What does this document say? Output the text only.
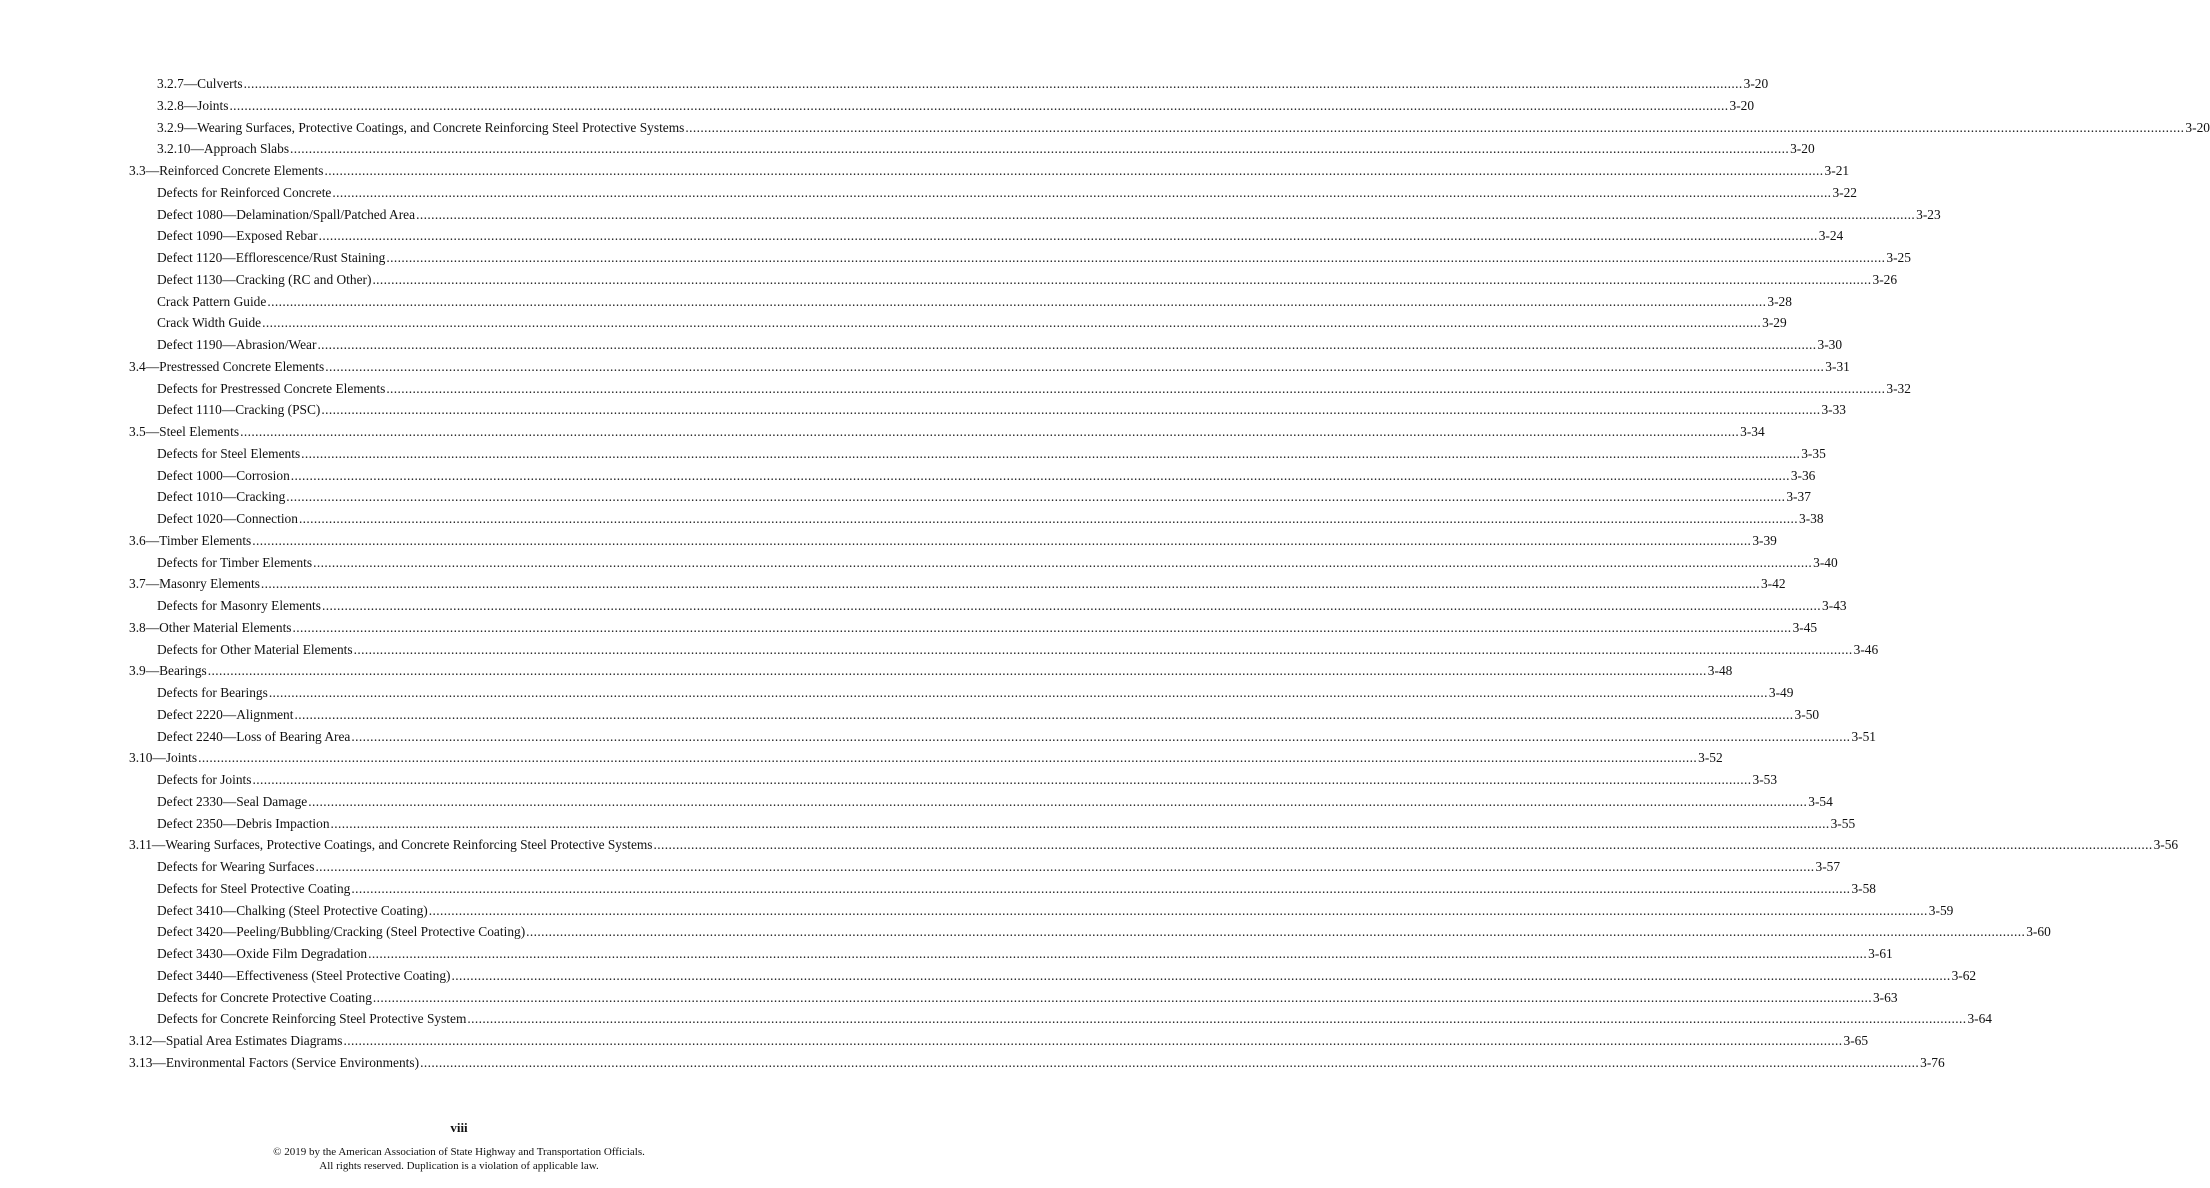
3.2.7—Culverts ................................................................................................................................................................................................................................................................................................................................................................................................................ 3-20
3.2.8—Joints ................................................................................................................................................................................................................................................................................................................................................................................................................ 3-20
3.2.9—Wearing Surfaces, Protective Coatings, and Concrete Reinforcing Steel Protective Systems ................................................................................................................................................................................................................................................................................................................................................................................................................ 3-20
3.2.10—Approach Slabs ................................................................................................................................................................................................................................................................................................................................................................................................................ 3-20
3.3—Reinforced Concrete Elements ................................................................................................................................................................................................................................................................................................................................................................................................................ 3-21
Defects for Reinforced Concrete ................................................................................................................................................................................................................................................................................................................................................................................................................ 3-22
Defect 1080—Delamination/Spall/Patched Area ................................................................................................................................................................................................................................................................................................................................................................................................................ 3-23
Defect 1090—Exposed Rebar ................................................................................................................................................................................................................................................................................................................................................................................................................ 3-24
Defect 1120—Efflorescence/Rust Staining ................................................................................................................................................................................................................................................................................................................................................................................................................ 3-25
Defect 1130—Cracking (RC and Other) ................................................................................................................................................................................................................................................................................................................................................................................................................ 3-26
Crack Pattern Guide ................................................................................................................................................................................................................................................................................................................................................................................................................ 3-28
Crack Width Guide ................................................................................................................................................................................................................................................................................................................................................................................................................ 3-29
Defect 1190—Abrasion/Wear ................................................................................................................................................................................................................................................................................................................................................................................................................ 3-30
3.4—Prestressed Concrete Elements ................................................................................................................................................................................................................................................................................................................................................................................................................ 3-31
Defects for Prestressed Concrete Elements ................................................................................................................................................................................................................................................................................................................................................................................................................ 3-32
Defect 1110—Cracking (PSC) ................................................................................................................................................................................................................................................................................................................................................................................................................ 3-33
3.5—Steel Elements ................................................................................................................................................................................................................................................................................................................................................................................................................ 3-34
Defects for Steel Elements ................................................................................................................................................................................................................................................................................................................................................................................................................ 3-35
Defect 1000—Corrosion ................................................................................................................................................................................................................................................................................................................................................................................................................ 3-36
Defect 1010—Cracking ................................................................................................................................................................................................................................................................................................................................................................................................................ 3-37
Defect 1020—Connection ................................................................................................................................................................................................................................................................................................................................................................................................................ 3-38
3.6—Timber Elements ................................................................................................................................................................................................................................................................................................................................................................................................................ 3-39
Defects for Timber Elements ................................................................................................................................................................................................................................................................................................................................................................................................................ 3-40
3.7—Masonry Elements ................................................................................................................................................................................................................................................................................................................................................................................................................ 3-42
Defects for Masonry Elements ................................................................................................................................................................................................................................................................................................................................................................................................................ 3-43
3.8—Other Material Elements ................................................................................................................................................................................................................................................................................................................................................................................................................ 3-45
Defects for Other Material Elements ................................................................................................................................................................................................................................................................................................................................................................................................................ 3-46
3.9—Bearings ................................................................................................................................................................................................................................................................................................................................................................................................................ 3-48
Defects for Bearings ................................................................................................................................................................................................................................................................................................................................................................................................................ 3-49
Defect 2220—Alignment ................................................................................................................................................................................................................................................................................................................................................................................................................ 3-50
Defect 2240—Loss of Bearing Area ................................................................................................................................................................................................................................................................................................................................................................................................................ 3-51
3.10—Joints ................................................................................................................................................................................................................................................................................................................................................................................................................ 3-52
Defects for Joints ................................................................................................................................................................................................................................................................................................................................................................................................................ 3-53
Defect 2330—Seal Damage ................................................................................................................................................................................................................................................................................................................................................................................................................ 3-54
Defect 2350—Debris Impaction ................................................................................................................................................................................................................................................................................................................................................................................................................ 3-55
3.11—Wearing Surfaces, Protective Coatings, and Concrete Reinforcing Steel Protective Systems ................................................................................................................................................................................................................................................................................................................................................................................................................ 3-56
Defects for Wearing Surfaces ................................................................................................................................................................................................................................................................................................................................................................................................................ 3-57
Defects for Steel Protective Coating ................................................................................................................................................................................................................................................................................................................................................................................................................ 3-58
Defect 3410—Chalking (Steel Protective Coating) ................................................................................................................................................................................................................................................................................................................................................................................................................ 3-59
Defect 3420—Peeling/Bubbling/Cracking (Steel Protective Coating) ................................................................................................................................................................................................................................................................................................................................................................................................................ 3-60
Defect 3430—Oxide Film Degradation ................................................................................................................................................................................................................................................................................................................................................................................................................ 3-61
Defect 3440—Effectiveness (Steel Protective Coating) ................................................................................................................................................................................................................................................................................................................................................................................................................ 3-62
Defects for Concrete Protective Coating ................................................................................................................................................................................................................................................................................................................................................................................................................ 3-63
Defects for Concrete Reinforcing Steel Protective System ................................................................................................................................................................................................................................................................................................................................................................................................................ 3-64
3.12—Spatial Area Estimates Diagrams ................................................................................................................................................................................................................................................................................................................................................................................................................ 3-65
3.13—Environmental Factors (Service Environments) ................................................................................................................................................................................................................................................................................................................................................................................................................ 3-76
viii
© 2019 by the American Association of State Highway and Transportation Officials.
All rights reserved. Duplication is a violation of applicable law.
